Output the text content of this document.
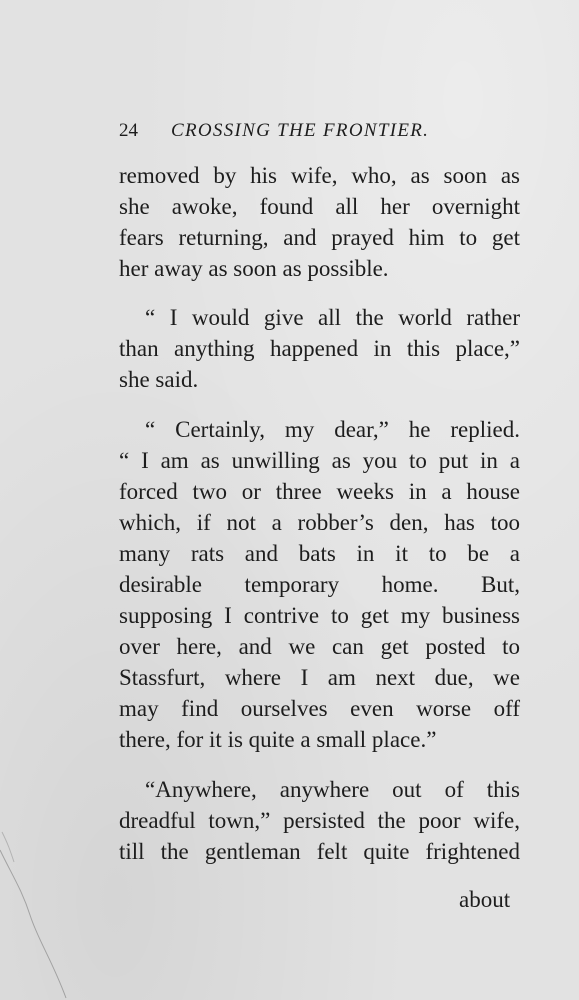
24 CROSSING THE FRONTIER.
removed by his wife, who, as soon as
she awoke, found all her overnight
fears returning, and prayed him to get
her away as soon as possible.
“ I would give all the world rather
than anything happened in this place,”
she said.
“ Certainly, my dear,” he replied.
“ I am as unwilling as you to put in a
forced two or three weeks in a house
which, if not a robber’s den, has too
many rats and bats in it to be a
desirable temporary home. But,
supposing I contrive to get my business
over here, and we can get posted to
Stassfurt, where I am next due, we
may find ourselves even worse off
there, for it is quite a small place.”
“Anywhere, anywhere out of this
dreadful town,” persisted the poor wife,
till the gentleman felt quite frightened
about
